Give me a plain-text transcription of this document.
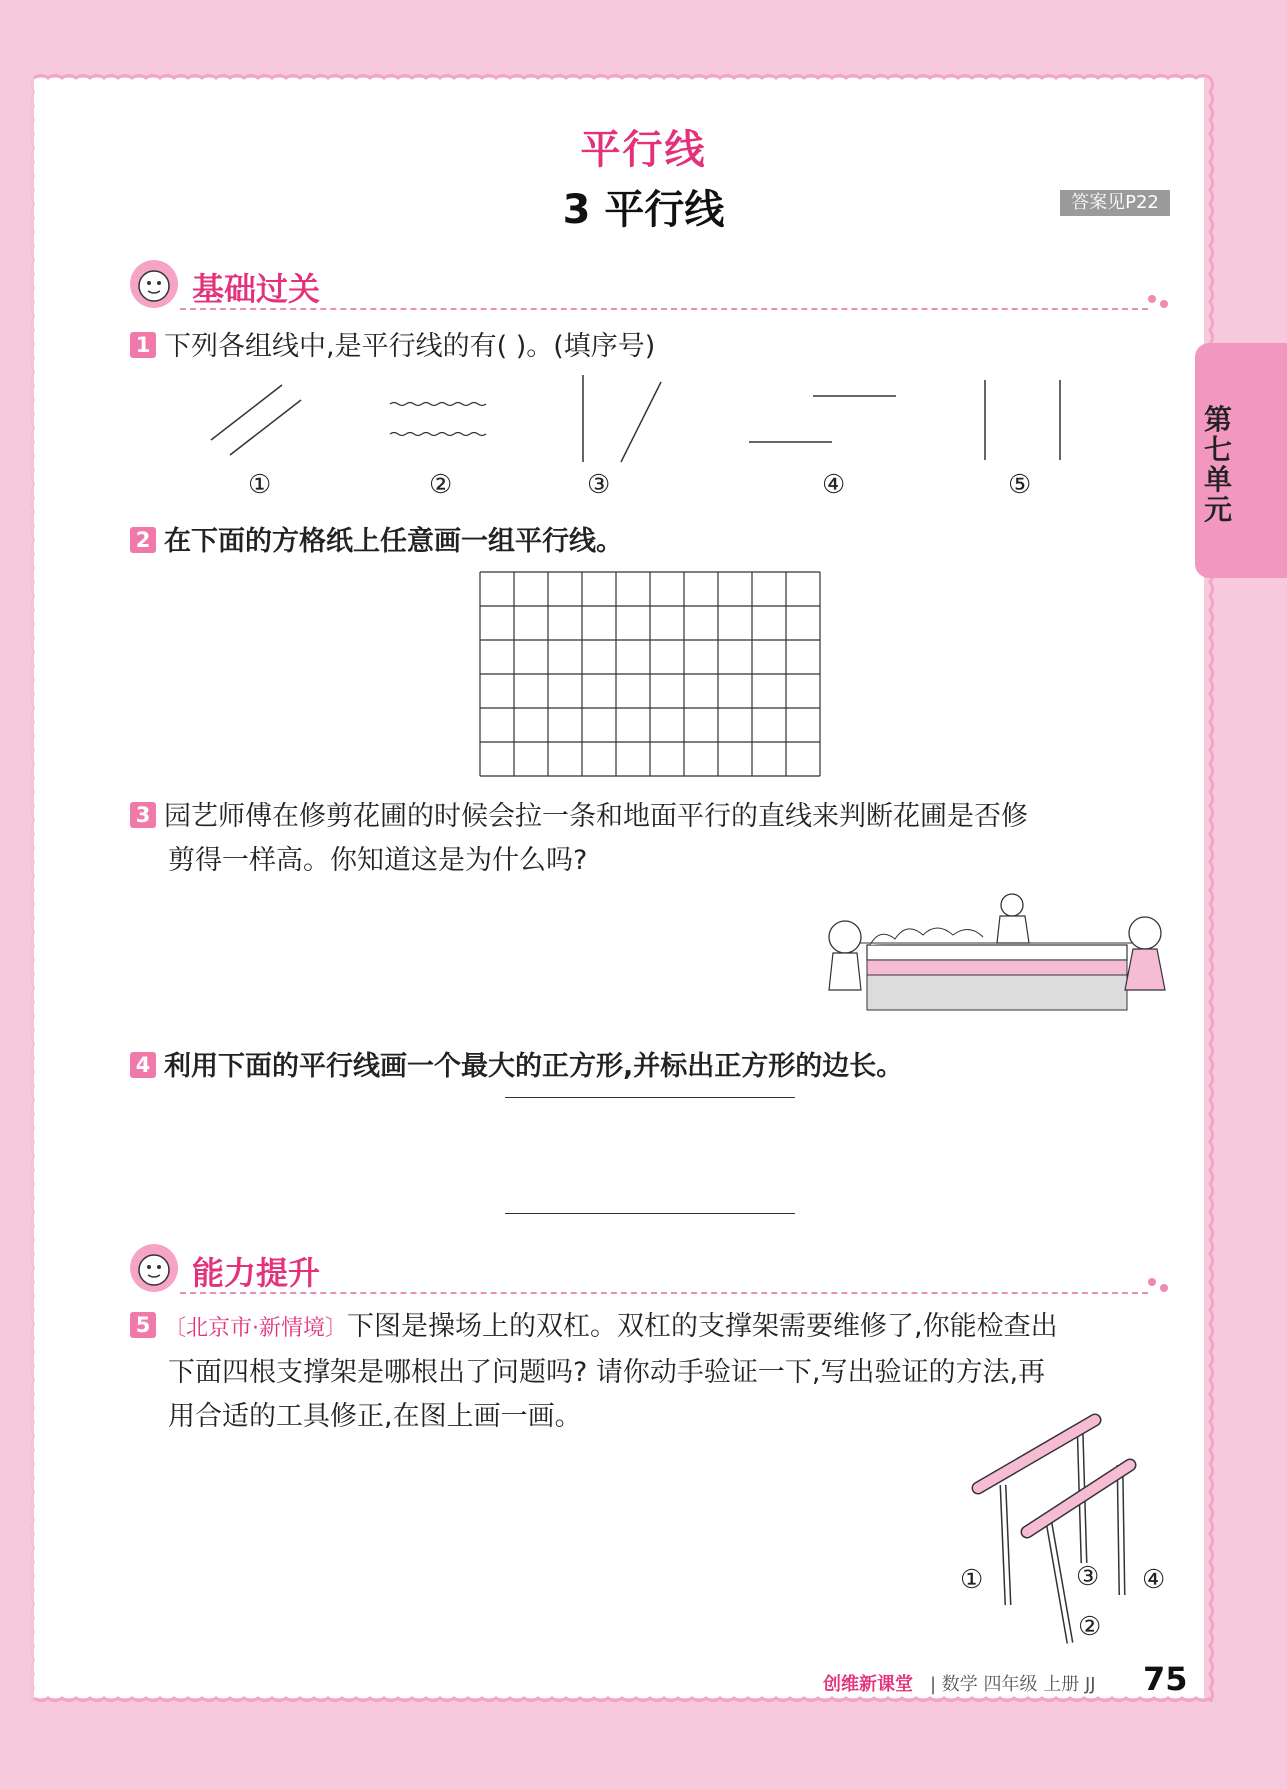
第七单元
平行线
3 平行线	答案见P22
基础过关
1 下列各组线中,是平行线的有( )。(填序号)
①	②	③	④	⑤
2 在下面的方格纸上任意画一组平行线。
3 园艺师傅在修剪花圃的时候会拉一条和地面平行的直线来判断花圃是否修
剪得一样高。你知道这是为什么吗?
4 利用下面的平行线画一个最大的正方形,并标出正方形的边长。
能力提升
5 〔北京市·新情境〕下图是操场上的双杠。双杠的支撑架需要维修了,你能检查出
下面四根支撑架是哪根出了问题吗? 请你动手验证一下,写出验证的方法,再
用合适的工具修正,在图上画一画。
①
②
③ ④
创维新课堂 | 数学 四年级 上册 JJ 75
